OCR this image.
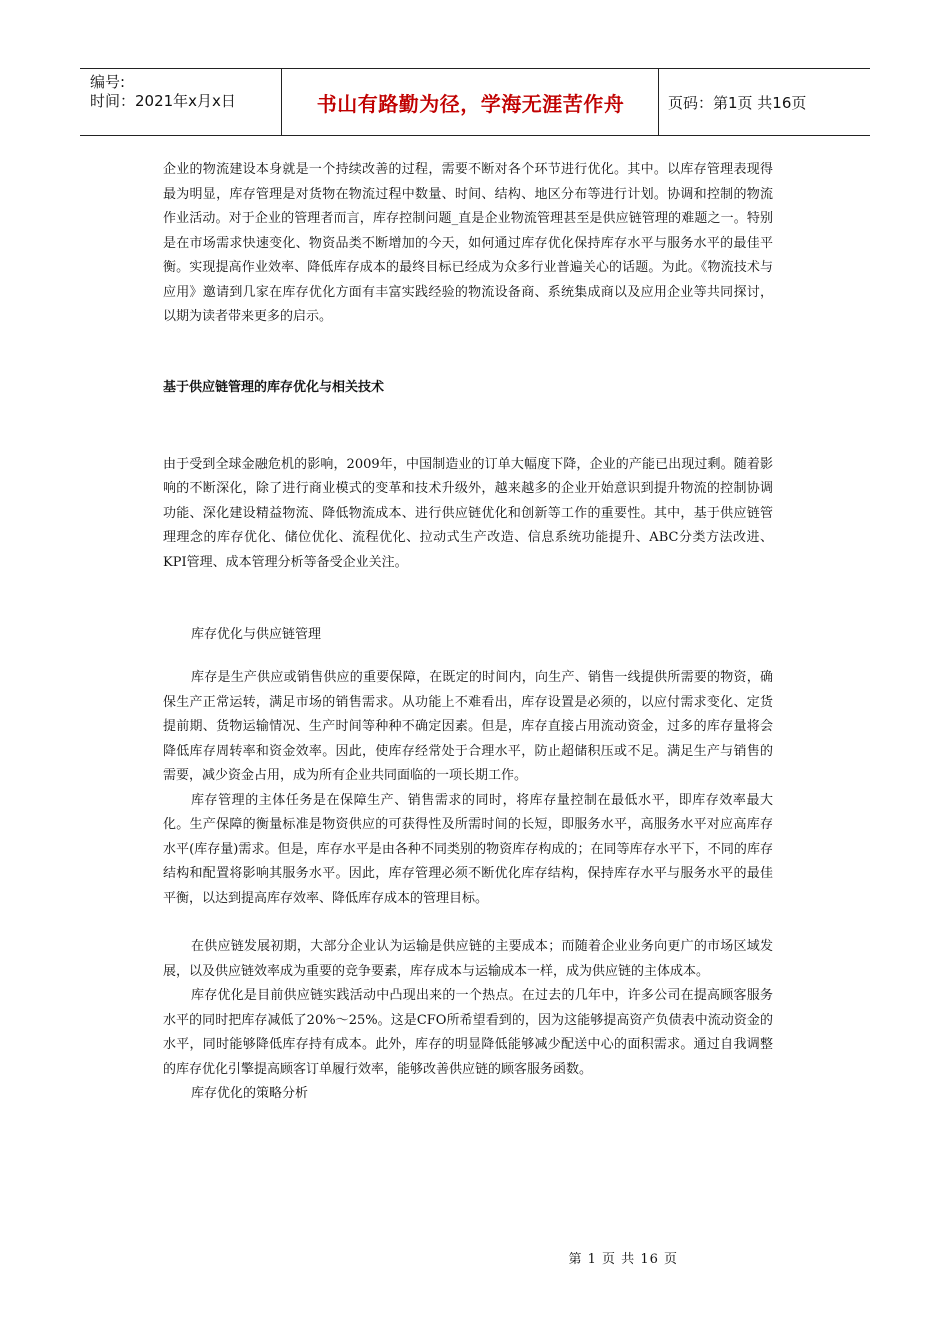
编号:
时间：2021年x月x日	书山有路勤为径，学海无涯苦作舟	页码：第1页 共16页

企业的物流建设本身就是一个持续改善的过程，需要不断对各个环节进行优化。其中。以库存管理表现得最为明显，库存管理是对货物在物流过程中数量、时间、结构、地区分布等进行计划。协调和控制的物流作业活动。对于企业的管理者而言，库存控制问题_直是企业物流管理甚至是供应链管理的难题之一。特别是在市场需求快速变化、物资品类不断增加的今天，如何通过库存优化保持库存水平与服务水平的最佳平衡。实现提高作业效率、降低库存成本的最终目标已经成为众多行业普遍关心的话题。为此。《物流技术与应用》邀请到几家在库存优化方面有丰富实践经验的物流设备商、系统集成商以及应用企业等共同探讨，以期为读者带来更多的启示。

基于供应链管理的库存优化与相关技术

由于受到全球金融危机的影响，2009年，中国制造业的订单大幅度下降，企业的产能已出现过剩。随着影响的不断深化，除了进行商业模式的变革和技术升级外，越来越多的企业开始意识到提升物流的控制协调功能、深化建设精益物流、降低物流成本、进行供应链优化和创新等工作的重要性。其中，基于供应链管理理念的库存优化、储位优化、流程优化、拉动式生产改造、信息系统功能提升、ABC分类方法改进、KPI管理、成本管理分析等备受企业关注。

库存优化与供应链管理

库存是生产供应或销售供应的重要保障，在既定的时间内，向生产、销售一线提供所需要的物资，确保生产正常运转，满足市场的销售需求。从功能上不难看出，库存设置是必须的，以应付需求变化、定货提前期、货物运输情况、生产时间等种种不确定因素。但是，库存直接占用流动资金，过多的库存量将会降低库存周转率和资金效率。因此，使库存经常处于合理水平，防止超储积压或不足。满足生产与销售的需要，减少资金占用，成为所有企业共同面临的一项长期工作。

库存管理的主体任务是在保障生产、销售需求的同时，将库存量控制在最低水平，即库存效率最大化。生产保障的衡量标准是物资供应的可获得性及所需时间的长短，即服务水平，高服务水平对应高库存水平(库存量)需求。但是，库存水平是由各种不同类别的物资库存构成的；在同等库存水平下，不同的库存结构和配置将影响其服务水平。因此，库存管理必须不断优化库存结构，保持库存水平与服务水平的最佳平衡，以达到提高库存效率、降低库存成本的管理目标。

在供应链发展初期，大部分企业认为运输是供应链的主要成本；而随着企业业务向更广的市场区域发展，以及供应链效率成为重要的竞争要素，库存成本与运输成本一样，成为供应链的主体成本。

库存优化是目前供应链实践活动中凸现出来的一个热点。在过去的几年中，许多公司在提高顾客服务水平的同时把库存减低了20%～25%。这是CFO所希望看到的，因为这能够提高资产负债表中流动资金的水平，同时能够降低库存持有成本。此外，库存的明显降低能够减少配送中心的面积需求。通过自我调整的库存优化引擎提高顾客订单履行效率，能够改善供应链的顾客服务函数。

库存优化的策略分析

第 1 页 共 16 页
